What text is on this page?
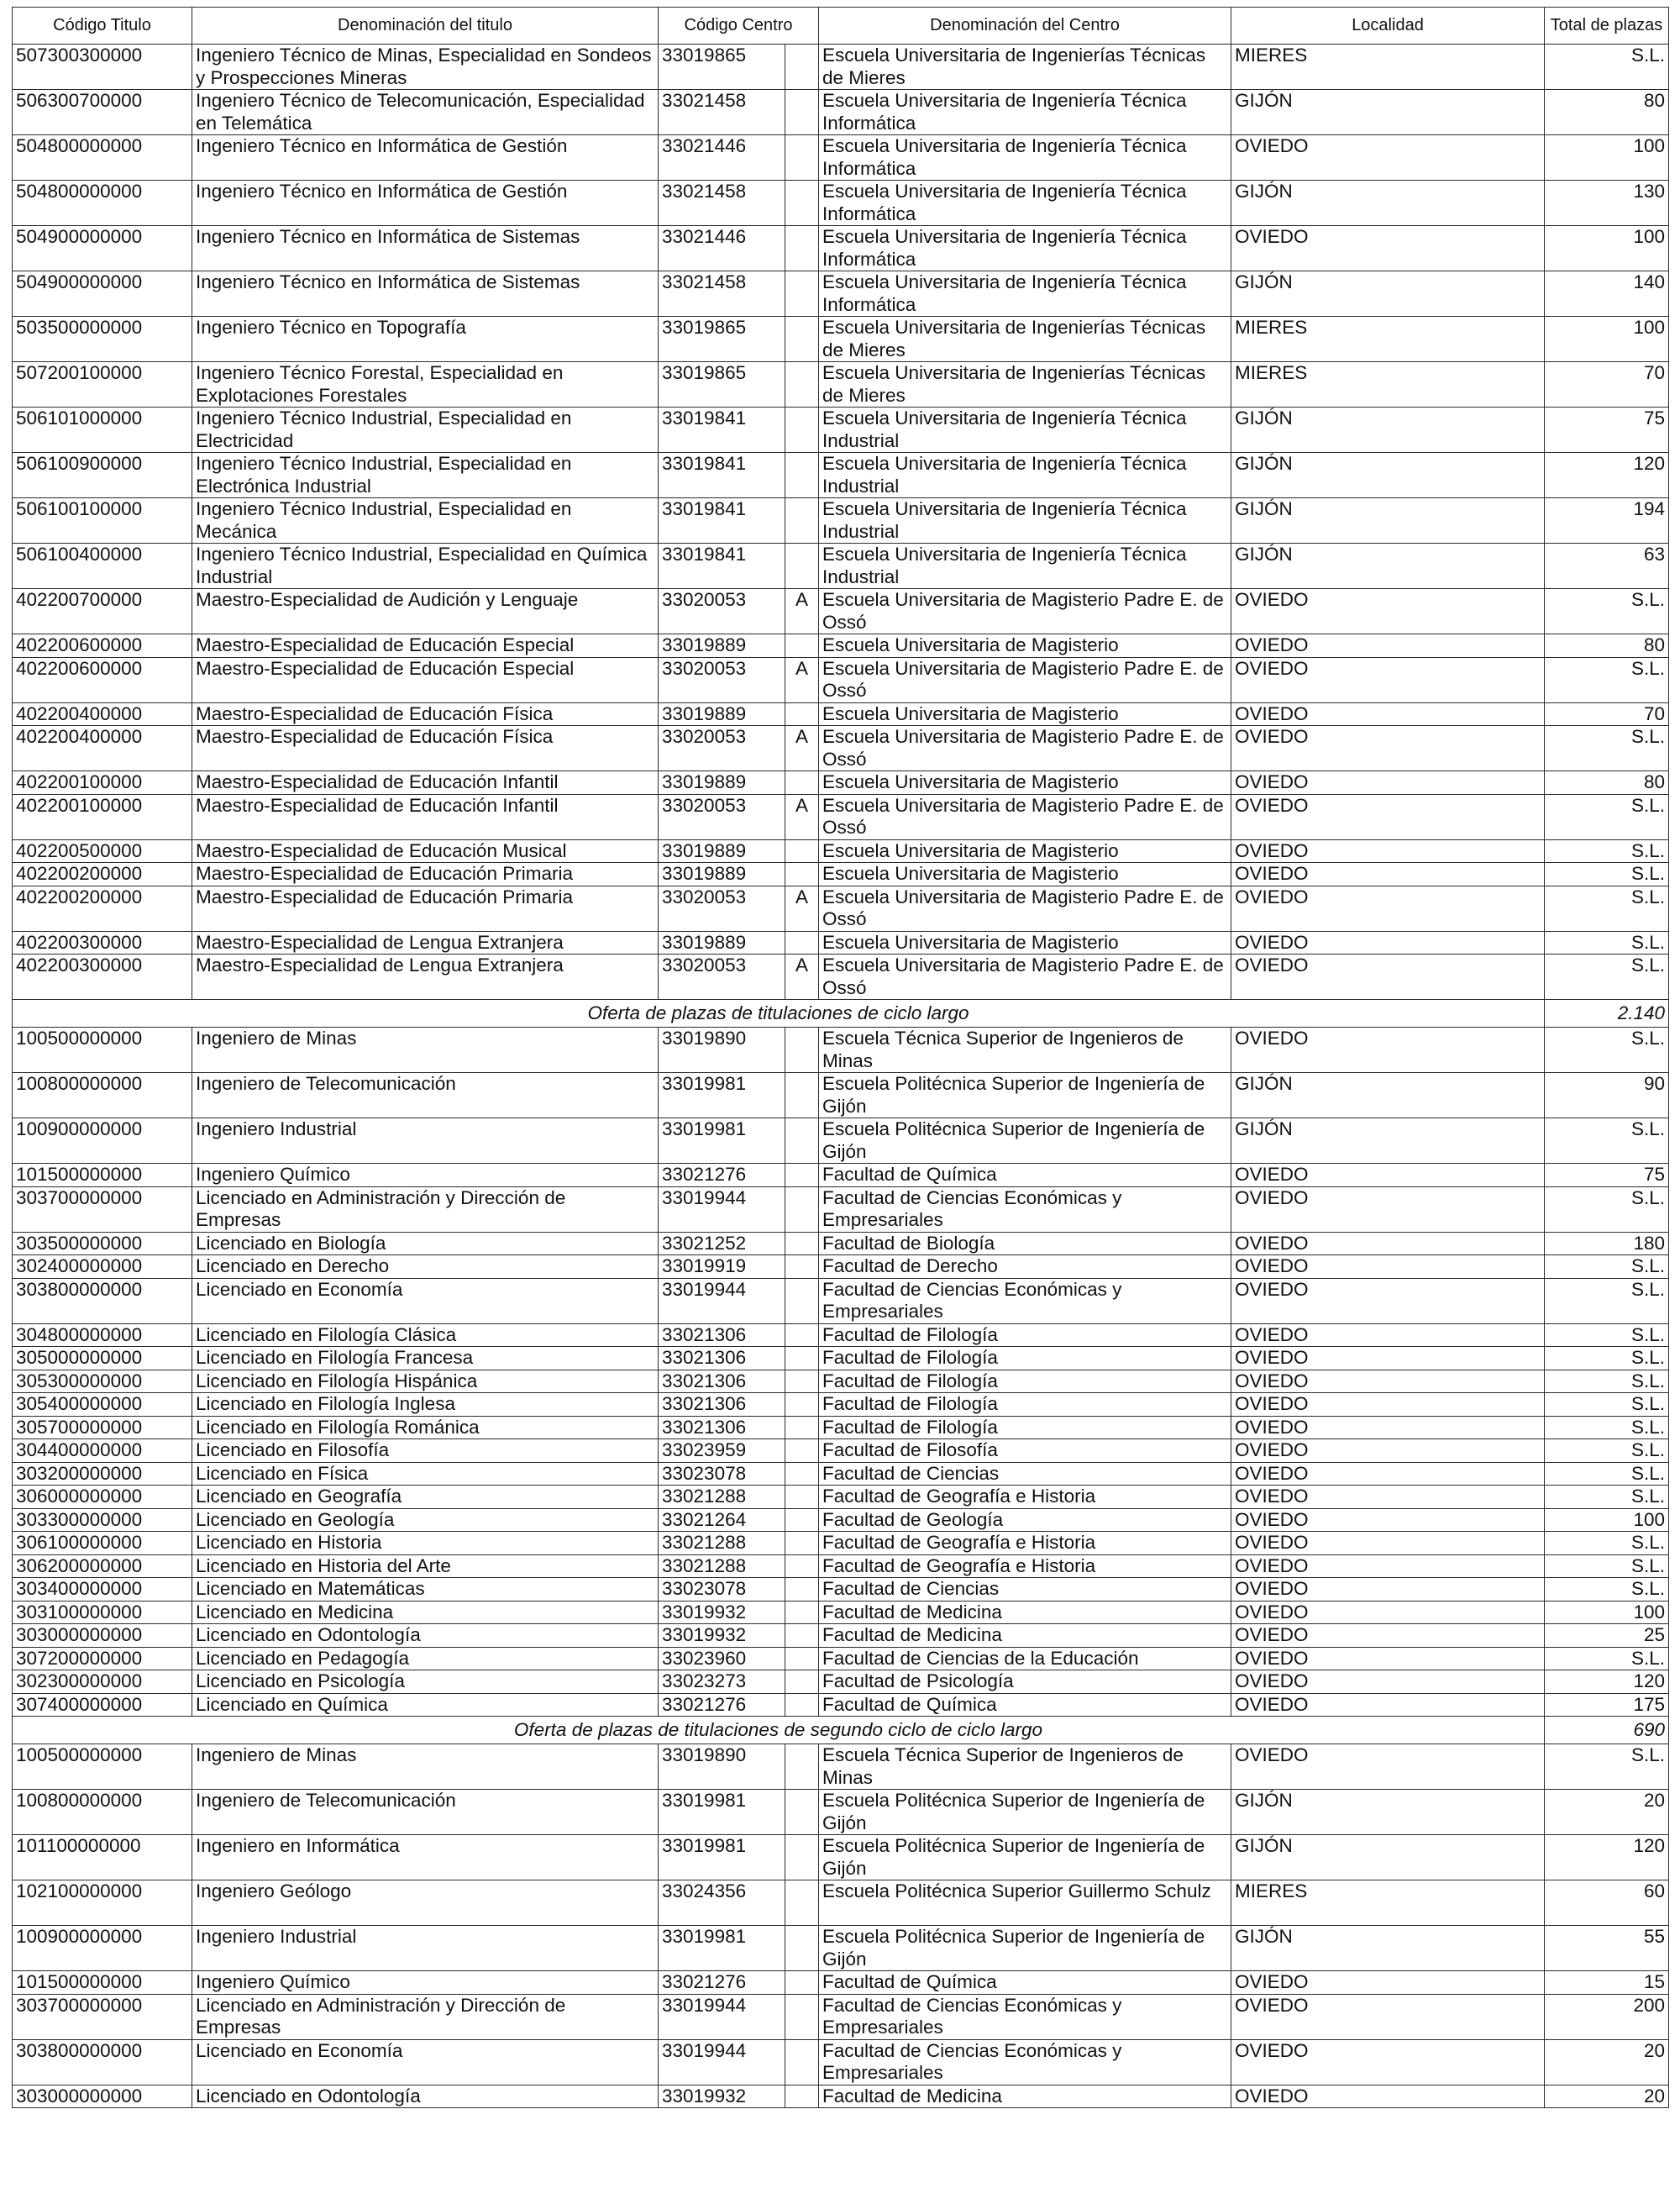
Código Titulo	Denominación del titulo	Código Centro		Denominación del Centro	Localidad	Total de plazas
507300300000	Ingeniero Técnico de Minas, Especialidad en Sondeos y Prospecciones Mineras	33019865		Escuela Universitaria de Ingenierías Técnicas de Mieres	MIERES	S.L.
506300700000	Ingeniero Técnico de Telecomunicación, Especialidad en Telemática	33021458		Escuela Universitaria de Ingeniería Técnica Informática	GIJÓN	80
504800000000	Ingeniero Técnico en Informática de Gestión	33021446		Escuela Universitaria de Ingeniería Técnica Informática	OVIEDO	100
504800000000	Ingeniero Técnico en Informática de Gestión	33021458		Escuela Universitaria de Ingeniería Técnica Informática	GIJÓN	130
504900000000	Ingeniero Técnico en Informática de Sistemas	33021446		Escuela Universitaria de Ingeniería Técnica Informática	OVIEDO	100
504900000000	Ingeniero Técnico en Informática de Sistemas	33021458		Escuela Universitaria de Ingeniería Técnica Informática	GIJÓN	140
503500000000	Ingeniero Técnico en Topografía	33019865		Escuela Universitaria de Ingenierías Técnicas de Mieres	MIERES	100
507200100000	Ingeniero Técnico Forestal, Especialidad en Explotaciones Forestales	33019865		Escuela Universitaria de Ingenierías Técnicas de Mieres	MIERES	70
506101000000	Ingeniero Técnico Industrial, Especialidad en Electricidad	33019841		Escuela Universitaria de Ingeniería Técnica Industrial	GIJÓN	75
506100900000	Ingeniero Técnico Industrial, Especialidad en Electrónica Industrial	33019841		Escuela Universitaria de Ingeniería Técnica Industrial	GIJÓN	120
506100100000	Ingeniero Técnico Industrial, Especialidad en Mecánica	33019841		Escuela Universitaria de Ingeniería Técnica Industrial	GIJÓN	194
506100400000	Ingeniero Técnico Industrial, Especialidad en Química Industrial	33019841		Escuela Universitaria de Ingeniería Técnica Industrial	GIJÓN	63
402200700000	Maestro-Especialidad de Audición y Lenguaje	33020053	A	Escuela Universitaria de Magisterio Padre E. de Ossó	OVIEDO	S.L.
402200600000	Maestro-Especialidad de Educación Especial	33019889		Escuela Universitaria de Magisterio	OVIEDO	80
402200600000	Maestro-Especialidad de Educación Especial	33020053	A	Escuela Universitaria de Magisterio Padre E. de Ossó	OVIEDO	S.L.
402200400000	Maestro-Especialidad de Educación Física	33019889		Escuela Universitaria de Magisterio	OVIEDO	70
402200400000	Maestro-Especialidad de Educación Física	33020053	A	Escuela Universitaria de Magisterio Padre E. de Ossó	OVIEDO	S.L.
402200100000	Maestro-Especialidad de Educación Infantil	33019889		Escuela Universitaria de Magisterio	OVIEDO	80
402200100000	Maestro-Especialidad de Educación Infantil	33020053	A	Escuela Universitaria de Magisterio Padre E. de Ossó	OVIEDO	S.L.
402200500000	Maestro-Especialidad de Educación Musical	33019889		Escuela Universitaria de Magisterio	OVIEDO	S.L.
402200200000	Maestro-Especialidad de Educación Primaria	33019889		Escuela Universitaria de Magisterio	OVIEDO	S.L.
402200200000	Maestro-Especialidad de Educación Primaria	33020053	A	Escuela Universitaria de Magisterio Padre E. de Ossó	OVIEDO	S.L.
402200300000	Maestro-Especialidad de Lengua Extranjera	33019889		Escuela Universitaria de Magisterio	OVIEDO	S.L.
402200300000	Maestro-Especialidad de Lengua Extranjera	33020053	A	Escuela Universitaria de Magisterio Padre E. de Ossó	OVIEDO	S.L.
Oferta de plazas de titulaciones de ciclo largo						2.140
100500000000	Ingeniero de Minas	33019890		Escuela Técnica Superior de Ingenieros de Minas	OVIEDO	S.L.
100800000000	Ingeniero de Telecomunicación	33019981		Escuela Politécnica Superior de Ingeniería de Gijón	GIJÓN	90
100900000000	Ingeniero Industrial	33019981		Escuela Politécnica Superior de Ingeniería de Gijón	GIJÓN	S.L.
101500000000	Ingeniero Químico	33021276		Facultad de Química	OVIEDO	75
303700000000	Licenciado en Administración y Dirección de Empresas	33019944		Facultad de Ciencias Económicas y Empresariales	OVIEDO	S.L.
303500000000	Licenciado en Biología	33021252		Facultad de Biología	OVIEDO	180
302400000000	Licenciado en Derecho	33019919		Facultad de Derecho	OVIEDO	S.L.
303800000000	Licenciado en Economía	33019944		Facultad de Ciencias Económicas y Empresariales	OVIEDO	S.L.
304800000000	Licenciado en Filología Clásica	33021306		Facultad de Filología	OVIEDO	S.L.
305000000000	Licenciado en Filología Francesa	33021306		Facultad de Filología	OVIEDO	S.L.
305300000000	Licenciado en Filología Hispánica	33021306		Facultad de Filología	OVIEDO	S.L.
305400000000	Licenciado en Filología Inglesa	33021306		Facultad de Filología	OVIEDO	S.L.
305700000000	Licenciado en Filología Románica	33021306		Facultad de Filología	OVIEDO	S.L.
304400000000	Licenciado en Filosofía	33023959		Facultad de Filosofía	OVIEDO	S.L.
303200000000	Licenciado en Física	33023078		Facultad de Ciencias	OVIEDO	S.L.
306000000000	Licenciado en Geografía	33021288		Facultad de Geografía e Historia	OVIEDO	S.L.
303300000000	Licenciado en Geología	33021264		Facultad de Geología	OVIEDO	100
306100000000	Licenciado en Historia	33021288		Facultad de Geografía e Historia	OVIEDO	S.L.
306200000000	Licenciado en Historia del Arte	33021288		Facultad de Geografía e Historia	OVIEDO	S.L.
303400000000	Licenciado en Matemáticas	33023078		Facultad de Ciencias	OVIEDO	S.L.
303100000000	Licenciado en Medicina	33019932		Facultad de Medicina	OVIEDO	100
303000000000	Licenciado en Odontología	33019932		Facultad de Medicina	OVIEDO	25
307200000000	Licenciado en Pedagogía	33023960		Facultad de Ciencias de la Educación	OVIEDO	S.L.
302300000000	Licenciado en Psicología	33023273		Facultad de Psicología	OVIEDO	120
307400000000	Licenciado en Química	33021276		Facultad de Química	OVIEDO	175
Oferta de plazas de titulaciones de segundo ciclo de ciclo largo						690
100500000000	Ingeniero de Minas	33019890		Escuela Técnica Superior de Ingenieros de Minas	OVIEDO	S.L.
100800000000	Ingeniero de Telecomunicación	33019981		Escuela Politécnica Superior de Ingeniería de Gijón	GIJÓN	20
101100000000	Ingeniero en Informática	33019981		Escuela Politécnica Superior de Ingeniería de Gijón	GIJÓN	120
102100000000	Ingeniero Geólogo	33024356		Escuela Politécnica Superior Guillermo Schulz	MIERES	60
100900000000	Ingeniero Industrial	33019981		Escuela Politécnica Superior de Ingeniería de Gijón	GIJÓN	55
101500000000	Ingeniero Químico	33021276		Facultad de Química	OVIEDO	15
303700000000	Licenciado en Administración y Dirección de Empresas	33019944		Facultad de Ciencias Económicas y Empresariales	OVIEDO	200
303800000000	Licenciado en Economía	33019944		Facultad de Ciencias Económicas y Empresariales	OVIEDO	20
303000000000	Licenciado en Odontología	33019932		Facultad de Medicina	OVIEDO	20
